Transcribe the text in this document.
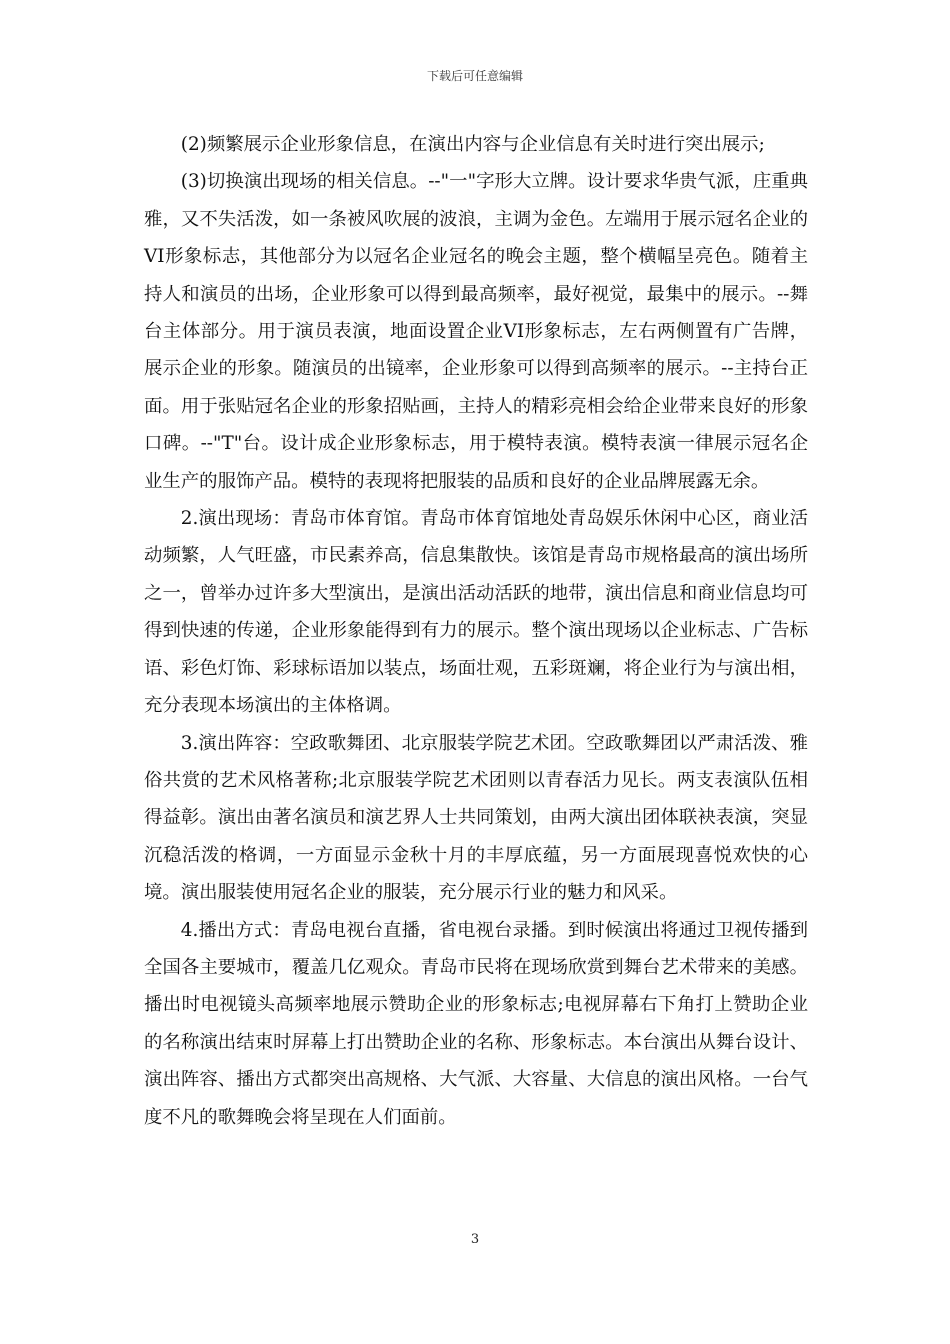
下载后可任意编辑

(2)频繁展示企业形象信息，在演出内容与企业信息有关时进行突出展示;

(3)切换演出现场的相关信息。--"一"字形大立牌。设计要求华贵气派，庄重典雅，又不失活泼，如一条被风吹展的波浪，主调为金色。左端用于展示冠名企业的VI形象标志，其他部分为以冠名企业冠名的晚会主题，整个横幅呈亮色。随着主持人和演员的出场，企业形象可以得到最高频率，最好视觉，最集中的展示。--舞台主体部分。用于演员表演，地面设置企业VI形象标志，左右两侧置有广告牌，展示企业的形象。随演员的出镜率，企业形象可以得到高频率的展示。--主持台正面。用于张贴冠名企业的形象招贴画，主持人的精彩亮相会给企业带来良好的形象口碑。--"T"台。设计成企业形象标志，用于模特表演。模特表演一律展示冠名企业生产的服饰产品。模特的表现将把服装的品质和良好的企业品牌展露无余。

2.演出现场：青岛市体育馆。青岛市体育馆地处青岛娱乐休闲中心区，商业活动频繁，人气旺盛，市民素养高，信息集散快。该馆是青岛市规格最高的演出场所之一，曾举办过许多大型演出，是演出活动活跃的地带，演出信息和商业信息均可得到快速的传递，企业形象能得到有力的展示。整个演出现场以企业标志、广告标语、彩色灯饰、彩球标语加以装点，场面壮观，五彩斑斓，将企业行为与演出相，充分表现本场演出的主体格调。

3.演出阵容：空政歌舞团、北京服装学院艺术团。空政歌舞团以严肃活泼、雅俗共赏的艺术风格著称;北京服装学院艺术团则以青春活力见长。两支表演队伍相得益彰。演出由著名演员和演艺界人士共同策划，由两大演出团体联袂表演，突显沉稳活泼的格调，一方面显示金秋十月的丰厚底蕴，另一方面展现喜悦欢快的心境。演出服装使用冠名企业的服装，充分展示行业的魅力和风采。

4.播出方式：青岛电视台直播，省电视台录播。到时候演出将通过卫视传播到全国各主要城市，覆盖几亿观众。青岛市民将在现场欣赏到舞台艺术带来的美感。播出时电视镜头高频率地展示赞助企业的形象标志;电视屏幕右下角打上赞助企业的名称演出结束时屏幕上打出赞助企业的名称、形象标志。本台演出从舞台设计、演出阵容、播出方式都突出高规格、大气派、大容量、大信息的演出风格。一台气度不凡的歌舞晚会将呈现在人们面前。

3
